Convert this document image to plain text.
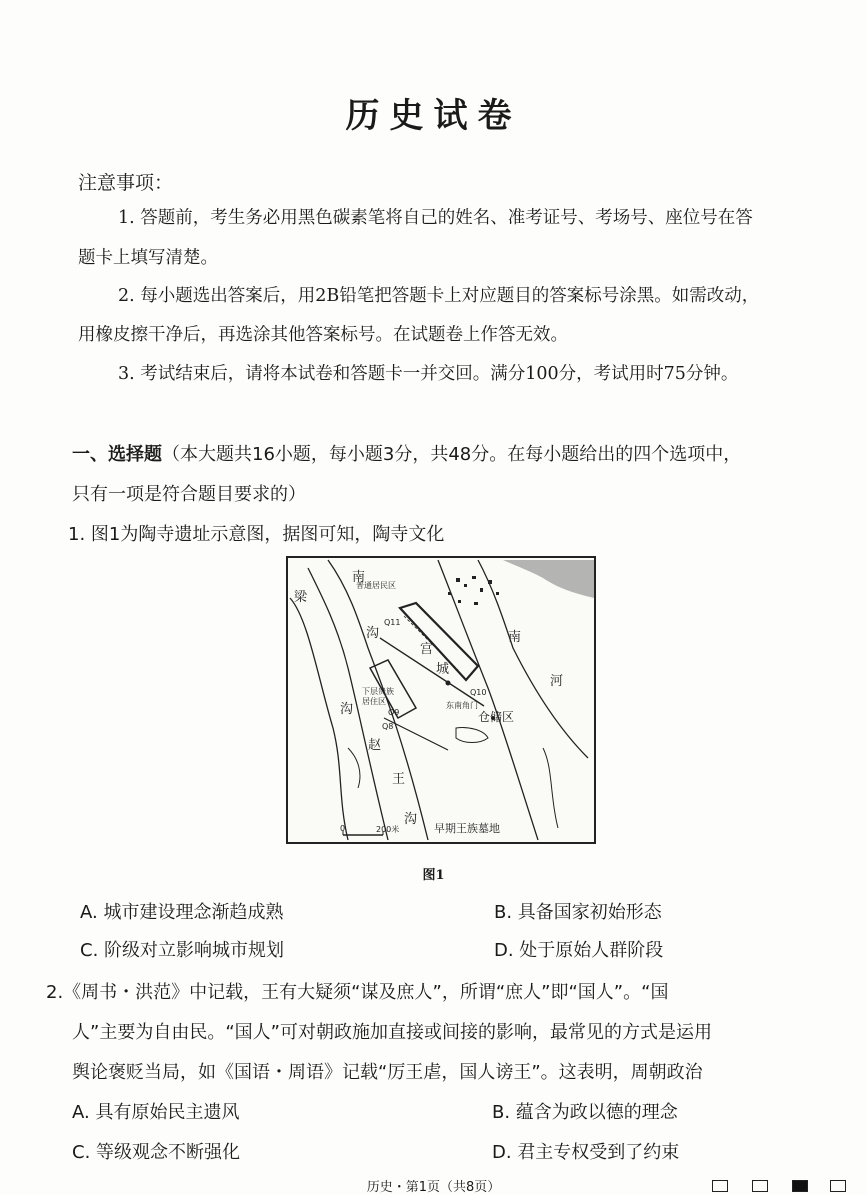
历史试卷
注意事项：
1. 答题前，考生务必用黑色碳素笔将自己的姓名、准考证号、考场号、座位号在答
题卡上填写清楚。
2. 每小题选出答案后，用2B铅笔把答题卡上对应题目的答案标号涂黑。如需改动，
用橡皮擦干净后，再选涂其他答案标号。在试题卷上作答无效。
3. 考试结束后，请将本试卷和答题卡一并交回。满分100分，考试用时75分钟。
一、选择题（本大题共16小题，每小题3分，共48分。在每小题给出的四个选项中，
只有一项是符合题目要求的）
1. 图1为陶寺遗址示意图，据图可知，陶寺文化
南
梁
沟
沟
赵
王
沟
南
河
宫
城
仓储区
早期王族墓地
普通居民区
下层贵族
居住区
Q11
Q10
Q9
Q8
东南角门
0	200米
图1
A. 城市建设理念渐趋成熟	B. 具备国家初始形态
C. 阶级对立影响城市规划	D. 处于原始人群阶段
2.《周书・洪范》中记载，王有大疑须“谋及庶人”，所谓“庶人”即“国人”。“国
人”主要为自由民。“国人”可对朝政施加直接或间接的影响，最常见的方式是运用
舆论褒贬当局，如《国语・周语》记载“厉王虐，国人谤王”。这表明，周朝政治
A. 具有原始民主遗风	B. 蕴含为政以德的理念
C. 等级观念不断强化	D. 君主专权受到了约束
历史・第1页（共8页）
